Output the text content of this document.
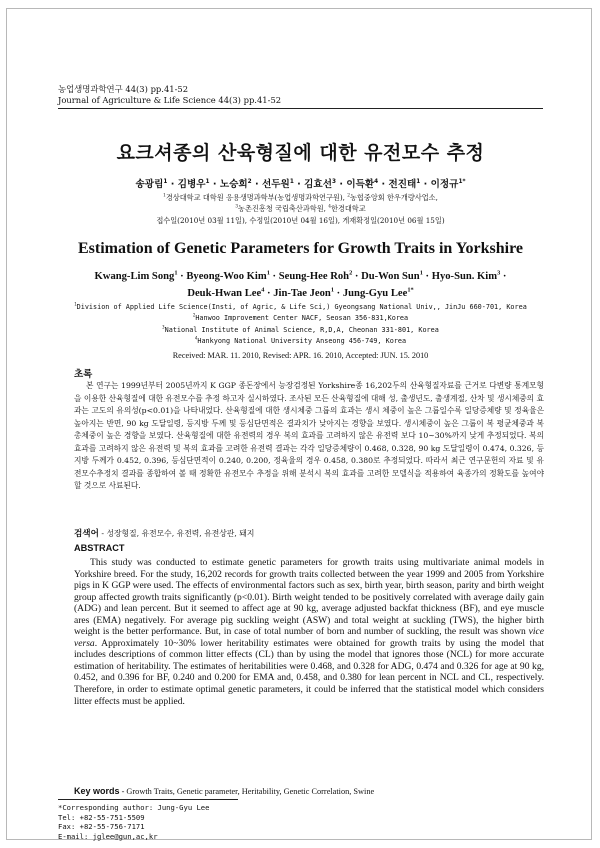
농업생명과학연구 44(3) pp.41-52
Journal of Agriculture & Life Science 44(3) pp.41-52
요크셔종의 산육형질에 대한 유전모수 추정
송광림$^1$ · 김병우$^1$ · 노승희$^2$ · 선두원$^1$ · 김효선$^3$ · 이득환$^4$ · 전진태$^1$ · 이정규$^{1*}$
$^1$경상대학교 대학원 응용생명과학부(농업생명과학연구원), $^2$농협중앙회 한우개량사업소,
$^3$농촌진흥청 국립축산과학원, $^4$한경대학교
접수일(2010년 03월 11일), 수정일(2010년 04월 16일), 게재확정일(2010년 06월 15일)
Estimation of Genetic Parameters for Growth Traits in Yorkshire
Kwang-Lim Song$^1$ · Byeong-Woo Kim$^1$ · Seung-Hee Roh$^2$ · Du-Won Sun$^1$ · Hyo-Sun. Kim$^3$ ·
Deuk-Hwan Lee$^4$ · Jin-Tae Jeon$^1$ · Jung-Gyu Lee$^{1*}$
$^1$Division of Applied Life Science(Insti, of Agric, & Life Sci,) Gyeongsang National Univ,, JinJu 660-701, Korea
$^2$Hanwoo Improvement Center NACF, Seosan 356-831,Korea
$^3$National Institute of Animal Science, R,D,A, Cheonan 331-801, Korea
$^4$Hankyong National University Anseong 456-749, Korea
Received: MAR. 11. 2010, Revised: APR. 16. 2010, Accepted: JUN. 15. 2010
초록

본 연구는 1999년부터 2005년까지 K GGP 종돈장에서 능장검정된 Yorkshire종 16,202두의 산육형질자료를 근거로 다변량 통계모형을 이용한 산육형질에 대한 유전모수를 추정 하고자 실시하였다. 조사된 모든 산육형질에 대해 성, 출생년도, 출생계절, 산차 및 생시체중의 효과는 고도의 유의성(p<0.01)을 나타내었다. 산육형질에 대한 생시체중 그룹의 효과는 생시 체중이 높은 그룹일수록 일당증체량 및 정육율은 높아지는 반면, 90 kg 도달일령, 등지방 두께 및 등심단면적은 결과치가 낮아지는 경향을 보였다. 생시체중이 높은 그룹이 복 평균체중과 복 총체중이 높은 경향을 보였다. 산육형질에 대한 유전력의 경우 복의 효과를 고려하지 않은 유전력 보다 10~30%까지 낮게 추정되었다. 복의 효과를 고려하지 않은 유전력 및 복의 효과를 고려한 유전력 결과는 각각 일당증체량이 0.468, 0.328, 90 kg 도달일령이 0.474, 0.326, 등지방 두께가 0.452, 0.396, 등심단면적이 0.240, 0.200, 정육율의 경우 0.458, 0.380로 추정되었다. 따라서 최근 연구문헌의 자료 및 유전모수추정치 결과를 종합하여 볼 때 정확한 유전모수 추정을 위해 분석시 복의 효과를 고려한 모델식을 적용하여 육종가의 정확도를 높여야 할 것으로 사료된다.

검색어 - 성장형질, 유전모수, 유전력, 유전상관, 돼지
ABSTRACT

This study was conducted to estimate genetic parameters for growth traits using multivariate animal models in Yorkshire breed. For the study, 16,202 records for growth traits collected between the year 1999 and 2005 from Yorkshire pigs in K GGP were used. The effects of environmental factors such as sex, birth year, birth season, parity and birth weight group affected growth traits significantly (p<0.01). Birth weight tended to be positively correlated with average daily gain (ADG) and lean percent. But it seemed to affect age at 90 kg, average adjusted backfat thickness (BF), and eye muscle ares (EMA) negatively. For average pig suckling weight (ASW) and total weight at suckling (TWS), the higher birth weight is the better performance. But, in case of total number of born and number of suckling, the result was shown vice versa. Approximately 10~30% lower heritability estimates were obtained for growth traits by using the model that includes descriptions of common litter effects (CL) than by using the model that ignores those (NCL) for more accurate estimation of heritability. The estimates of heritabilities were 0.468, and 0.328 for ADG, 0.474 and 0.326 for age at 90 kg, 0.452, and 0.396 for BF, 0.240 and 0.200 for EMA and, 0.458, and 0.380 for lean percent in NCL and CL, respectively. Therefore, in order to estimate optimal genetic parameters, it could be inferred that the statistical model which considers litter effects must be applied.

Key words - Growth Traits, Genetic parameter, Heritability, Genetic Correlation, Swine
*Corresponding author: Jung-Gyu Lee
Tel: +82-55-751-5509
Fax: +82-55-756-7171
E-mail: jglee@gun,ac,kr
